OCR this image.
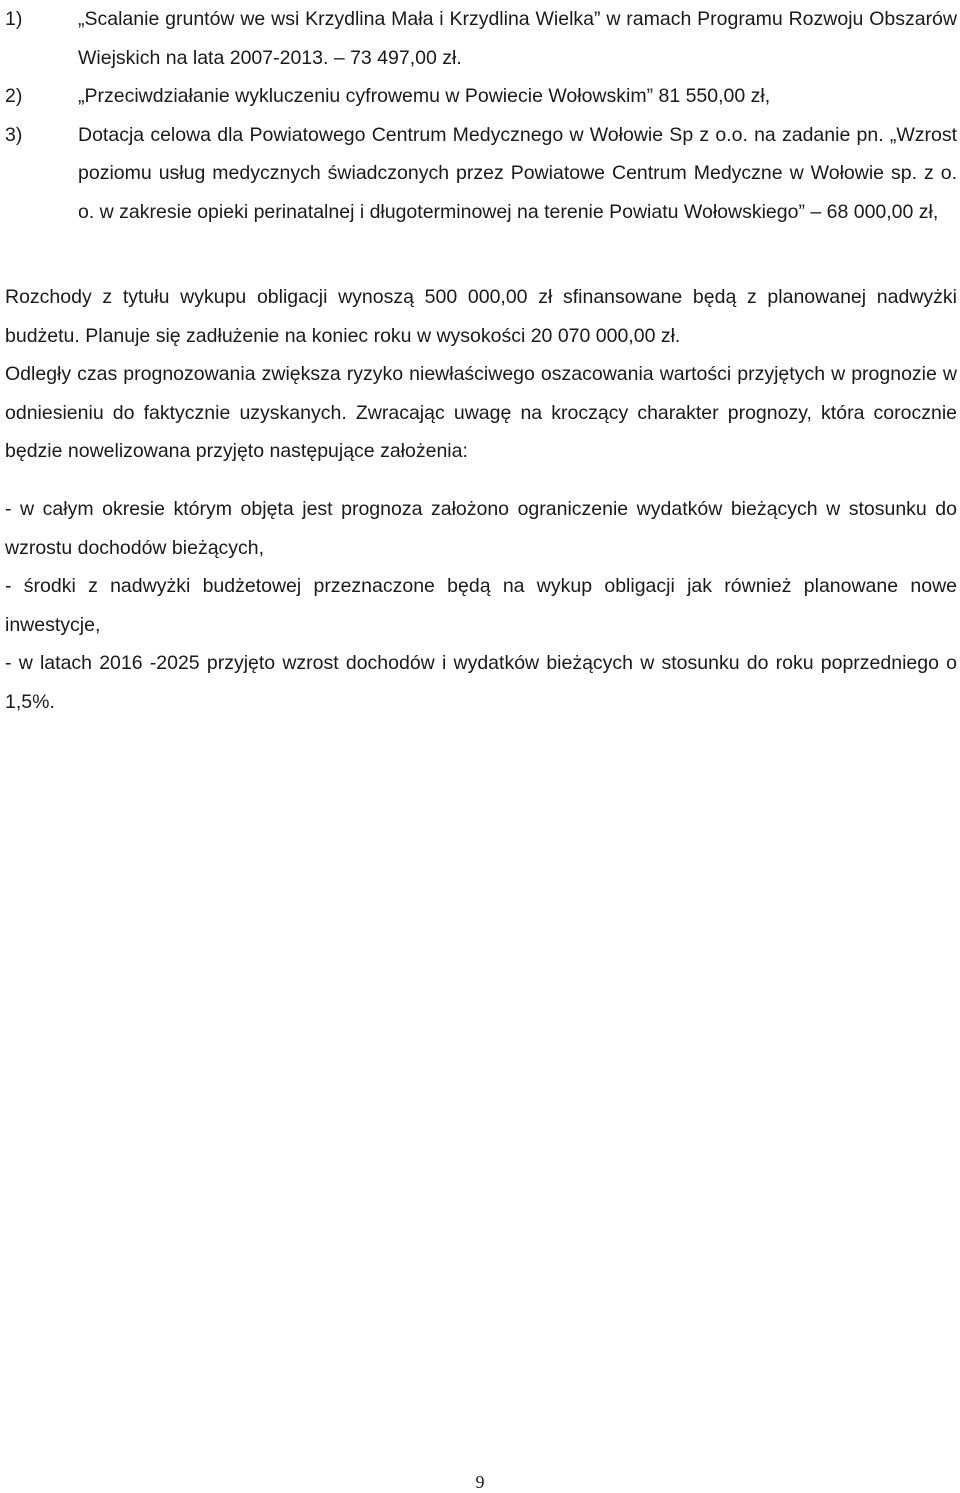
1)	„Scalanie gruntów we wsi Krzydlina Mała i Krzydlina Wielka” w ramach Programu Rozwoju Obszarów Wiejskich na lata 2007-2013. – 73 497,00 zł.
2)	„Przeciwdziałanie wykluczeniu cyfrowemu w Powiecie Wołowskim” 81 550,00 zł,
3)	Dotacja celowa dla Powiatowego Centrum Medycznego w Wołowie Sp z o.o. na zadanie pn. „Wzrost poziomu usług medycznych świadczonych przez Powiatowe Centrum Medyczne w Wołowie sp. z o. o. w zakresie opieki perinatalnej i długoterminowej na terenie Powiatu Wołowskiego” – 68 000,00 zł,
Rozchody z tytułu wykupu obligacji wynoszą 500 000,00 zł sfinansowane będą z planowanej nadwyżki budżetu. Planuje się zadłużenie na koniec roku w wysokości 20 070 000,00 zł.
Odległy czas prognozowania zwiększa ryzyko niewłaściwego oszacowania wartości przyjętych w prognozie w odniesieniu do faktycznie uzyskanych. Zwracając uwagę na kroczący charakter prognozy, która corocznie będzie nowelizowana przyjęto następujące założenia:
- w całym okresie którym objęta jest prognoza założono ograniczenie wydatków bieżących w stosunku do wzrostu dochodów bieżących,
- środki z nadwyżki budżetowej przeznaczone będą na wykup obligacji jak również planowane nowe inwestycje,
- w latach 2016 -2025 przyjęto wzrost dochodów i wydatków bieżących w stosunku do roku poprzedniego o 1,5%.
9
